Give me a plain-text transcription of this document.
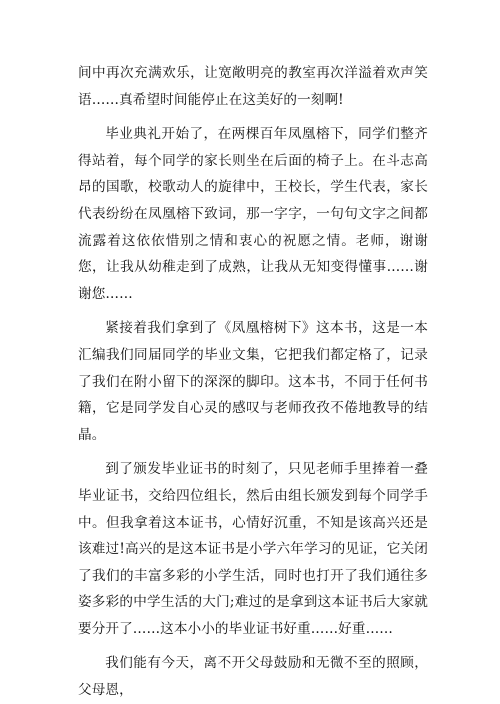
间中再次充满欢乐，让宽敞明亮的教室再次洋溢着欢声笑语……真希望时间能停止在这美好的一刻啊!

毕业典礼开始了，在两棵百年凤凰榕下，同学们整齐得站着，每个同学的家长则坐在后面的椅子上。在斗志高昂的国歌，校歌动人的旋律中，王校长，学生代表，家长代表纷纷在凤凰榕下致词，那一字字，一句句文字之间都流露着这依依惜别之情和衷心的祝愿之情。老师，谢谢您，让我从幼稚走到了成熟，让我从无知变得懂事……谢谢您……

紧接着我们拿到了《凤凰榕树下》这本书，这是一本汇编我们同届同学的毕业文集，它把我们都定格了，记录了我们在附小留下的深深的脚印。这本书，不同于任何书籍，它是同学发自心灵的感叹与老师孜孜不倦地教导的结晶。

到了颁发毕业证书的时刻了，只见老师手里捧着一叠毕业证书，交给四位组长，然后由组长颁发到每个同学手中。但我拿着这本证书，心情好沉重，不知是该高兴还是该难过!高兴的是这本证书是小学六年学习的见证，它关闭了我们的丰富多彩的小学生活，同时也打开了我们通往多姿多彩的中学生活的大门;难过的是拿到这本证书后大家就要分开了……这本小小的毕业证书好重……好重……

我们能有今天，离不开父母鼓励和无微不至的照顾，父母恩，
